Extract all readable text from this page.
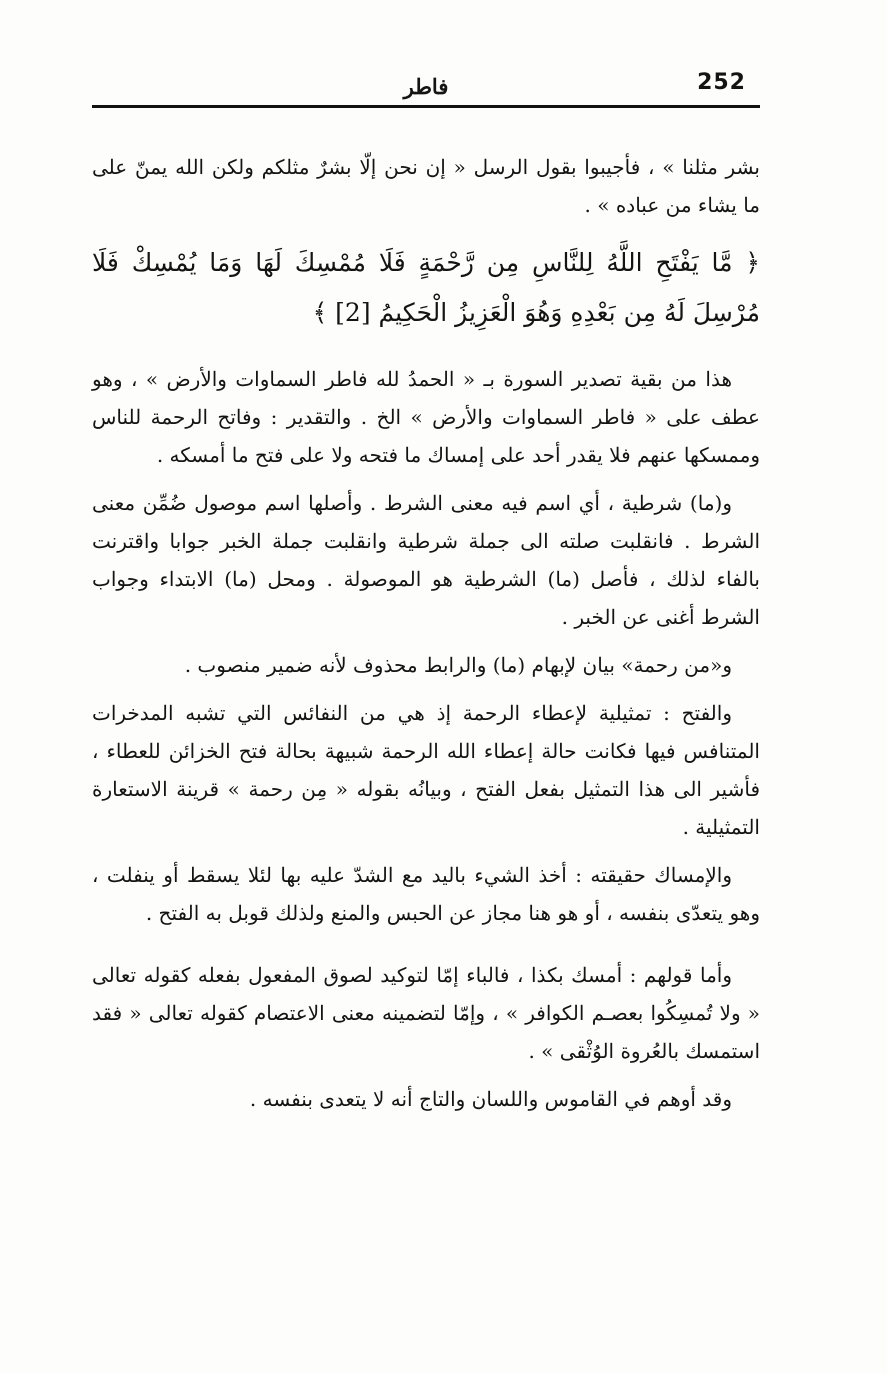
252
فاطر

بشر مثلنا » ، فأجيبوا بقول الرسل « إن نحن إلّا بشرٌ مثلكم ولكن الله يمنّ على ما يشاء من عباده » .

﴿ مَّا يَفْتَحِ اللَّهُ لِلنَّاسِ مِن رَّحْمَةٍ فَلَا مُمْسِكَ لَهَا وَمَا يُمْسِكْ فَلَا مُرْسِلَ لَهُ مِن بَعْدِهِ وَهُوَ الْعَزِيزُ الْحَكِيمُ [2] ﴾

هذا من بقية تصدير السورة بـ « الحمدُ لله فاطر السماوات والأرض » ، وهو عطف على « فاطر السماوات والأرض » الخ . والتقدير : وفاتح الرحمة للناس وممسكها عنهم فلا يقدر أحد على إمساك ما فتحه ولا على فتح ما أمسكه .

و(ما) شرطية ، أي اسم فيه معنى الشرط . وأصلها اسم موصول ضُمِّن معنى الشرط . فانقلبت صلته الى جملة شرطية وانقلبت جملة الخبر جوابا واقترنت بالفاء لذلك ، فأصل (ما) الشرطية هو الموصولة . ومحل (ما) الابتداء وجواب الشرط أغنى عن الخبر .

و«من رحمة» بيان لإبهام (ما) والرابط محذوف لأنه ضمير منصوب .

والفتح : تمثيلية لإعطاء الرحمة إذ هي من النفائس التي تشبه المدخرات المتنافس فيها فكانت حالة إعطاء الله الرحمة شبيهة بحالة فتح الخزائن للعطاء ، فأشير الى هذا التمثيل بفعل الفتح ، وبيانُه بقوله « مِن رحمة » قرينة الاستعارة التمثيلية .

والإمساك حقيقته : أخذ الشيء باليد مع الشدّ عليه بها لئلا يسقط أو ينفلت ، وهو يتعدّى بنفسه ، أو هو هنا مجاز عن الحبس والمنع ولذلك قوبل به الفتح .

وأما قولهم : أمسك بكذا ، فالباء إمّا لتوكيد لصوق المفعول بفعله كقوله تعالى « ولا تُمسِكُوا بعصـم الكوافر » ، وإمّا لتضمينه معنى الاعتصام كقوله تعالى « فقد استمسك بالعُروة الوُثْقى » .

وقد أوهم في القاموس واللسان والتاج أنه لا يتعدى بنفسه .
